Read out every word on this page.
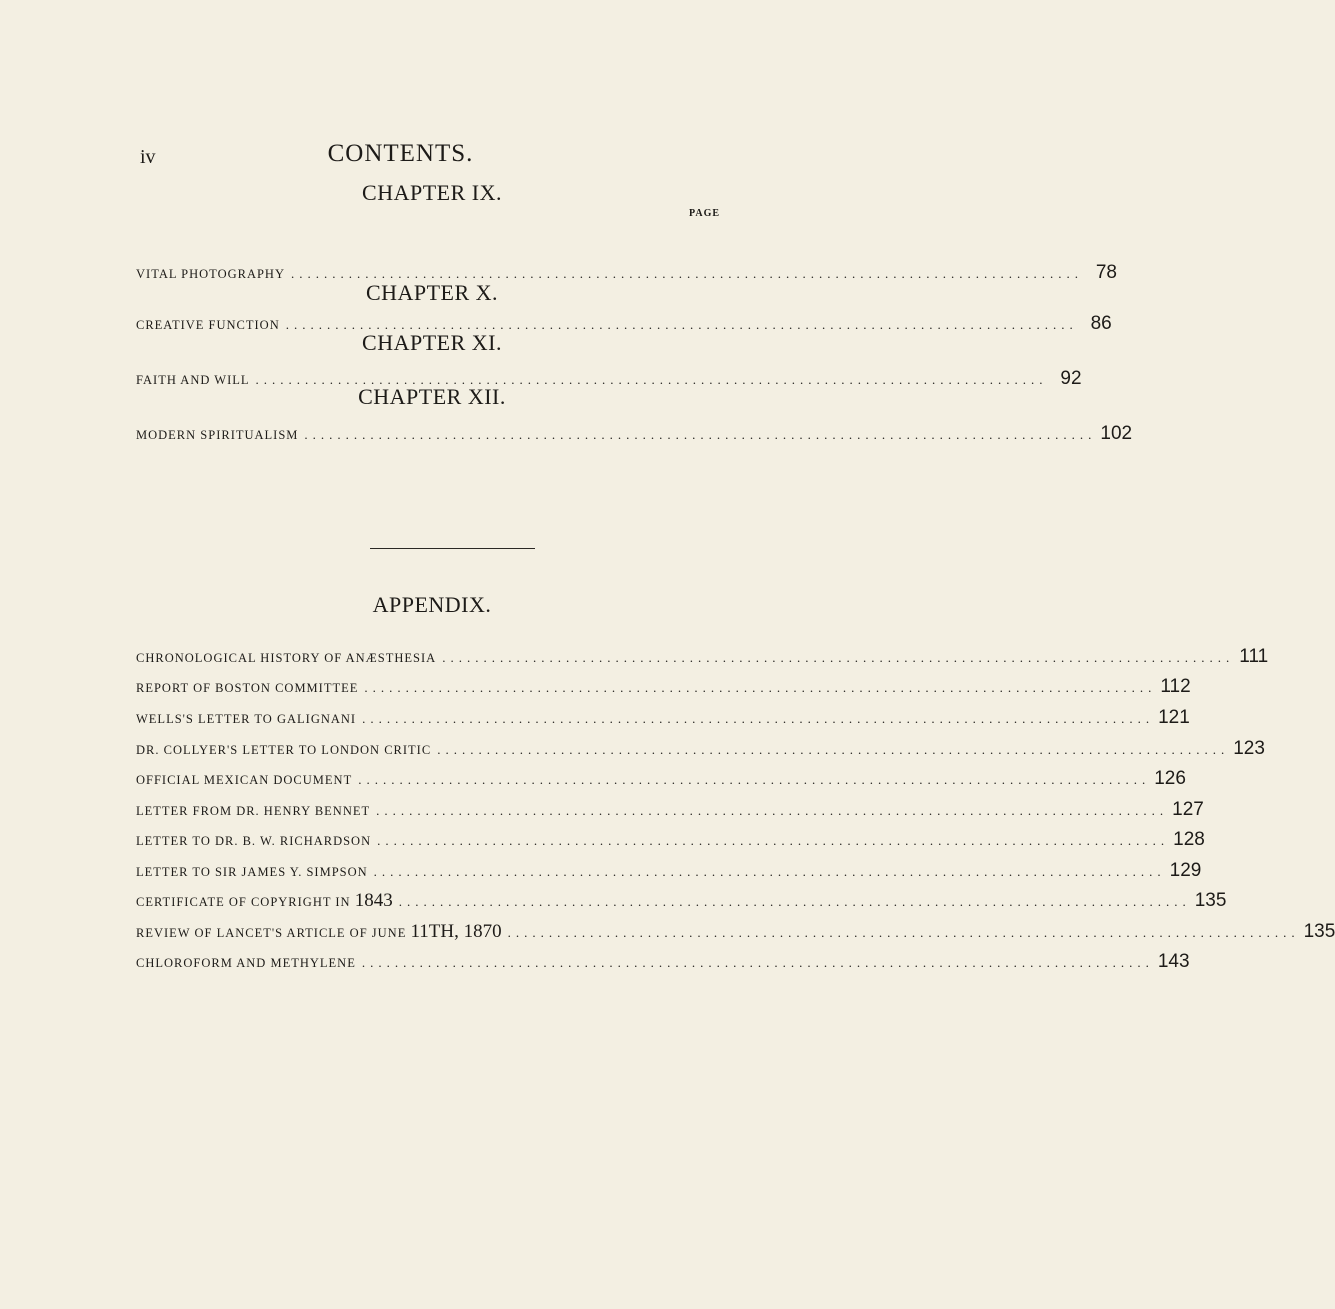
iv	CONTENTS.
CHAPTER IX.
PAGE
VITAL PHOTOGRAPHY ................................................................................................ 78
CHAPTER X.
CREATIVE FUNCTION ................................................................................................ 86
CHAPTER XI.
FAITH AND WILL ................................................................................................ 92
CHAPTER XII.
MODERN SPIRITUALISM ................................................................................................ 102
APPENDIX.
CHRONOLOGICAL HISTORY OF ANÆSTHESIA ................................................................................................ 111
REPORT OF BOSTON COMMITTEE ................................................................................................ 112
WELLS'S LETTER TO GALIGNANI ................................................................................................ 121
DR. COLLYER'S LETTER TO LONDON CRITIC ................................................................................................ 123
OFFICIAL MEXICAN DOCUMENT ................................................................................................ 126
LETTER FROM DR. HENRY BENNET ................................................................................................ 127
LETTER TO DR. B. W. RICHARDSON ................................................................................................ 128
LETTER TO SIR JAMES Y. SIMPSON ................................................................................................ 129
CERTIFICATE OF COPYRIGHT IN 1843 ................................................................................................ 135
REVIEW OF LANCET'S ARTICLE OF JUNE 11TH, 1870 ................................................................................................ 135
CHLOROFORM AND METHYLENE ................................................................................................ 143
